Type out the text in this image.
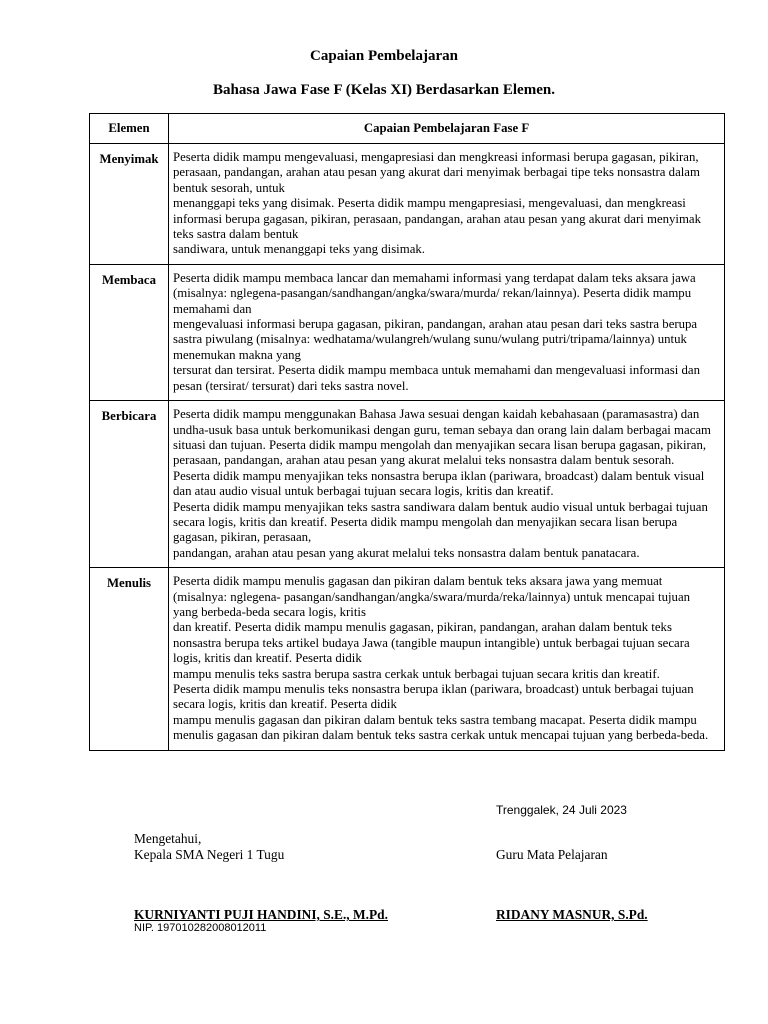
Capaian Pembelajaran
Bahasa Jawa Fase F (Kelas XI) Berdasarkan Elemen.
Elemen	Capaian Pembelajaran Fase F
Menyimak	Peserta didik mampu mengevaluasi, mengapresiasi dan mengkreasi informasi berupa gagasan, pikiran, perasaan, pandangan, arahan atau pesan yang akurat dari menyimak berbagai tipe teks nonsastra dalam bentuk sesorah, untuk
menanggapi teks yang disimak. Peserta didik mampu mengapresiasi, mengevaluasi, dan mengkreasi informasi berupa gagasan, pikiran, perasaan, pandangan, arahan atau pesan yang akurat dari menyimak teks sastra dalam bentuk
sandiwara, untuk menanggapi teks yang disimak.

Membaca	Peserta didik mampu membaca lancar dan memahami informasi yang terdapat dalam teks aksara jawa (misalnya: nglegena-pasangan/sandhangan/angka/swara/murda/ rekan/lainnya). Peserta didik mampu memahami dan
mengevaluasi informasi berupa gagasan, pikiran, pandangan, arahan atau pesan dari teks sastra berupa sastra piwulang (misalnya: wedhatama/wulangreh/wulang sunu/wulang putri/tripama/lainnya) untuk menemukan makna yang
tersurat dan tersirat. Peserta didik mampu membaca untuk memahami dan mengevaluasi informasi dan pesan (tersirat/ tersurat) dari teks sastra novel.

Berbicara	Peserta didik mampu menggunakan Bahasa Jawa sesuai dengan kaidah kebahasaan (paramasastra) dan undha-usuk basa untuk berkomunikasi dengan guru, teman sebaya dan orang lain dalam berbagai macam situasi dan tujuan. Peserta didik mampu mengolah dan menyajikan secara lisan berupa gagasan, pikiran, perasaan, pandangan, arahan atau pesan yang akurat melalui teks nonsastra dalam bentuk sesorah.
Peserta didik mampu menyajikan teks nonsastra berupa iklan (pariwara, broadcast) dalam bentuk visual dan atau audio visual untuk berbagai tujuan secara logis, kritis dan kreatif.
Peserta didik mampu menyajikan teks sastra sandiwara dalam bentuk audio visual untuk berbagai tujuan secara logis, kritis dan kreatif. Peserta didik mampu mengolah dan menyajikan secara lisan berupa gagasan, pikiran, perasaan,
pandangan, arahan atau pesan yang akurat melalui teks nonsastra dalam bentuk panatacara.

Menulis	Peserta didik mampu menulis gagasan dan pikiran dalam bentuk teks aksara jawa yang memuat (misalnya: nglegena- pasangan/sandhangan/angka/swara/murda/reka/lainnya) untuk mencapai tujuan yang berbeda-beda secara logis, kritis
dan kreatif. Peserta didik mampu menulis gagasan, pikiran, pandangan, arahan dalam bentuk teks nonsastra berupa teks artikel budaya Jawa (tangible maupun intangible) untuk berbagai tujuan secara logis, kritis dan kreatif. Peserta didik
mampu menulis teks sastra berupa sastra cerkak untuk berbagai tujuan secara kritis dan kreatif.
Peserta didik mampu menulis teks nonsastra berupa iklan (pariwara, broadcast) untuk berbagai tujuan secara logis, kritis dan kreatif. Peserta didik
mampu menulis gagasan dan pikiran dalam bentuk teks sastra tembang macapat. Peserta didik mampu menulis gagasan dan pikiran dalam bentuk teks sastra cerkak untuk mencapai tujuan yang berbeda-beda.
Trenggalek, 24 Juli 2023
Mengetahui,
Kepala SMA Negeri 1 Tugu	Guru Mata Pelajaran
KURNIYANTI PUJI HANDINI, S.E., M.Pd.	RIDANY MASNUR, S.Pd.
NIP. 197010282008012011
